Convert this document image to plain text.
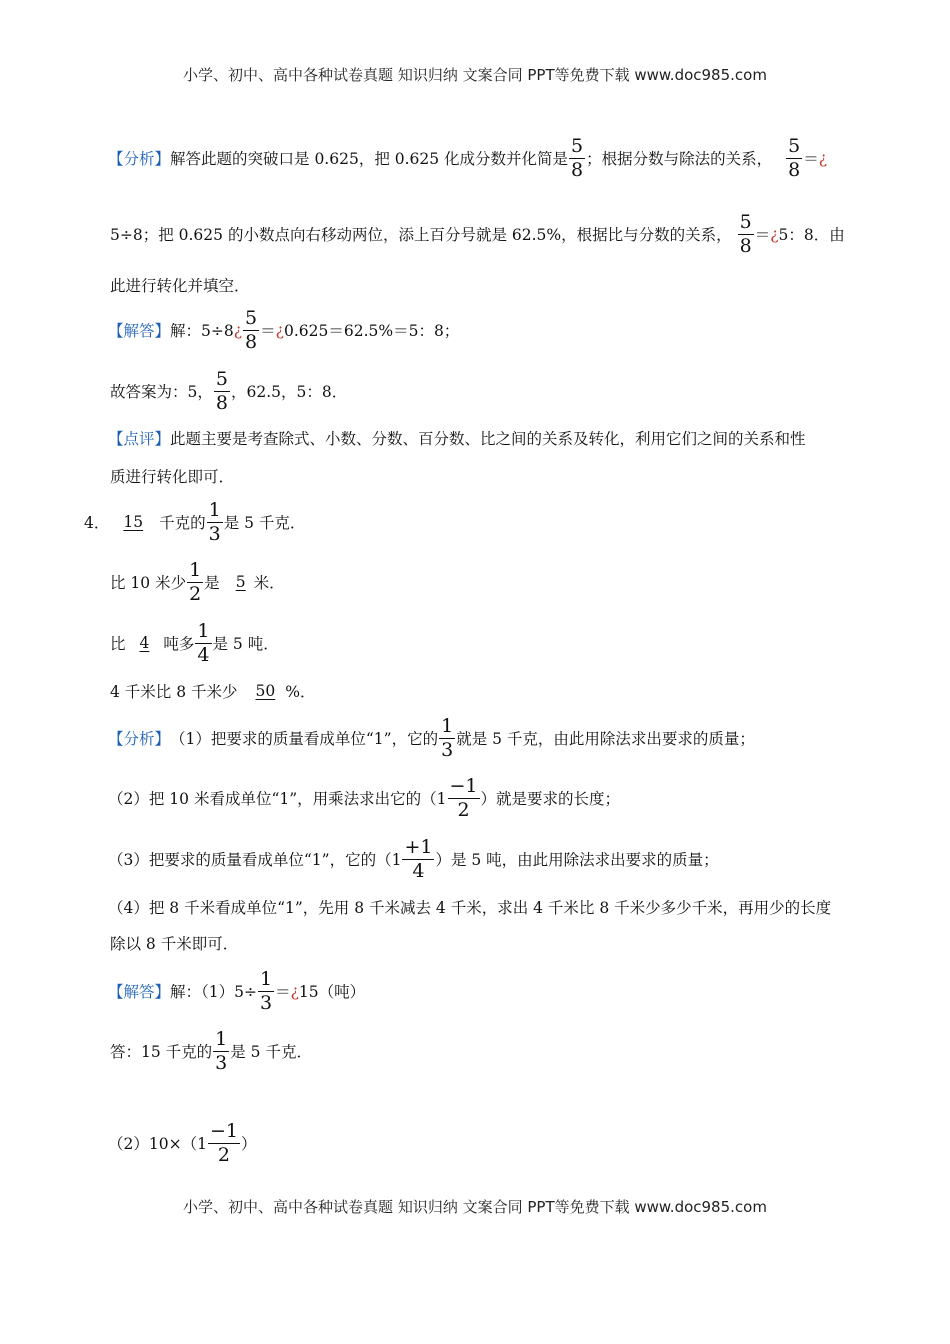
小学、初中、高中各种试卷真题 知识归纳 文案合同 PPT等免费下载 www.doc985.com
【分析】 解答此题的突破口是 0.625，把 0.625 化成分数并化简是 $\frac{5}{8}$ ；根据分数与除法的关系， $\frac{5}{8}$ ＝ ¿
5÷8；把 0.625 的小数点向右移动两位，添上百分号就是 62.5%，根据比与分数的关系， $\frac{5}{8}$ ＝ ¿ 5：8．由
此进行转化并填空．
【解答】 解：5÷8 ¿ $\frac{5}{8}$ ＝ ¿ 0.625＝62.5%＝5：8；
故答案为：5， $\frac{5}{8}$ ，62.5，5：8．
【点评】 此题主要是考查除式、小数、分数、百分数、比之间的关系及转化，利用它们之间的关系和性
质进行转化即可．
4． 15	千克的 $\frac{1}{3}$ 是 5 千克．
比 10 米少 $\frac{1}{2}$ 是	5 米．
比 4 吨多 $\frac{1}{4}$ 是 5 吨．
4 千米比 8 千米少	50 %．
【分析】 （1）把要求的质量看成单位“1”，它的 $\frac{1}{3}$ 就是 5 千克，由此用除法求出要求的质量；
（2）把 10 米看成单位“1”，用乘法求出它的（$1 \frac{-1}{2}$ ）就是要求的长度；
（3）把要求的质量看成单位“1”，它的（$1 \frac{+1}{4}$ ）是 5 吨，由此用除法求出要求的质量；
（4）把 8 千米看成单位“1”，先用 8 千米减去 4 千米，求出 4 千米比 8 千米少多少千米，再用少的长度
除以 8 千米即可．
【解答】 解：$(1)5\div \frac{1}{3}$ ＝ ¿ 15（吨）
答：15 千克的 $\frac{1}{3}$ 是 5 千克．
$(2)10\times(1 \frac{-1}{2}$ ）
小学、初中、高中各种试卷真题 知识归纳 文案合同 PPT等免费下载 www.doc985.com
